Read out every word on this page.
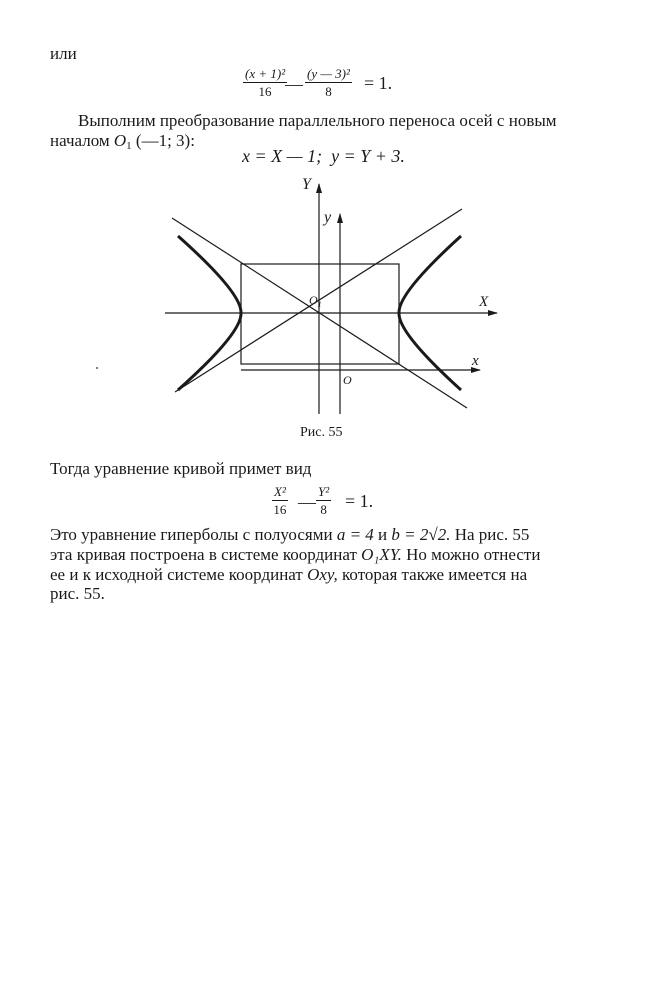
или
$\frac{\text{(x + 1)²}}{16}$
— $\frac{\text{(y — 3)²}}{8} = 1$.
Выполним преобразование параллельного переноса осей с новым
началом $O_1$ (—1; 3):
x = X — 1; y = Y + 3.
Y
y
X
x
$O_1$
O
Рис. 55
Тогда уравнение кривой примет вид
$\frac{\text{X²}}{16}$ — $\frac{\text{Y²}}{8} = 1$.
Это уравнение гиперболы с полуосями a = 4 и b = 2√2. На рис. 55
эта кривая построена в системе координат O₁XY. Но можно отнести
ее и к исходной системе координат Oxy, которая также имеется на
рис. 55.
